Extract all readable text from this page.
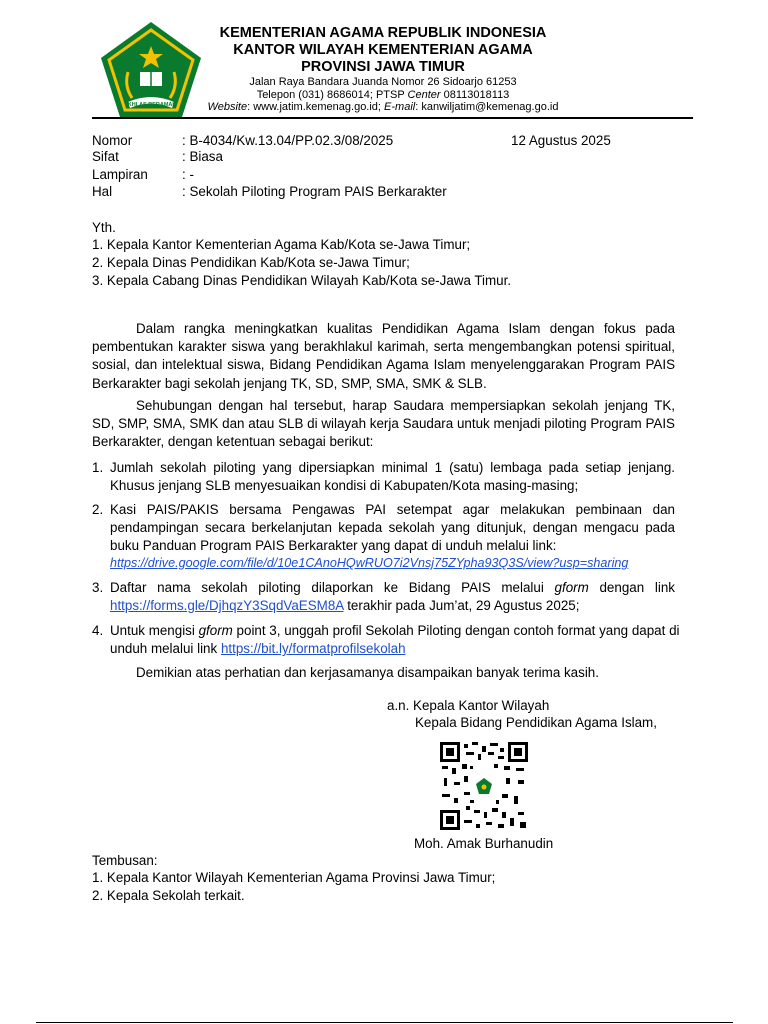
IKHLAS BERAMAL
KEMENTERIAN AGAMA REPUBLIK INDONESIA
KANTOR WILAYAH KEMENTERIAN AGAMA
PROVINSI JAWA TIMUR
Jalan Raya Bandara Juanda Nomor 26 Sidoarjo 61253
Telepon (031) 8686014; PTSP Center 08113018113
Website: www.jatim.kemenag.go.id; E-mail: kanwiljatim@kemenag.go.id
Nomor	: B-4034/Kw.13.04/PP.02.3/08/2025	12 Agustus 2025
Sifat	: Biasa
Lampiran	: -
Hal	: Sekolah Piloting Program PAIS Berkarakter
Yth.
1. Kepala Kantor Kementerian Agama Kab/Kota se-Jawa Timur;
2. Kepala Dinas Pendidikan Kab/Kota se-Jawa Timur;
3. Kepala Cabang Dinas Pendidikan Wilayah Kab/Kota se-Jawa Timur.
Dalam rangka meningkatkan kualitas Pendidikan Agama Islam dengan fokus pada pembentukan karakter siswa yang berakhlakul karimah, serta mengembangkan potensi spiritual, sosial, dan intelektual siswa, Bidang Pendidikan Agama Islam menyelenggarakan Program PAIS Berkarakter bagi sekolah jenjang TK, SD, SMP, SMA, SMK & SLB.
Sehubungan dengan hal tersebut, harap Saudara mempersiapkan sekolah jenjang TK, SD, SMP, SMA, SMK dan atau SLB di wilayah kerja Saudara untuk menjadi piloting Program PAIS Berkarakter, dengan ketentuan sebagai berikut:
1. Jumlah sekolah piloting yang dipersiapkan minimal 1 (satu) lembaga pada setiap jenjang. Khusus jenjang SLB menyesuaikan kondisi di Kabupaten/Kota masing-masing;
2. Kasi PAIS/PAKIS bersama Pengawas PAI setempat agar melakukan pembinaan dan pendampingan secara berkelanjutan kepada sekolah yang ditunjuk, dengan mengacu pada buku Panduan Program PAIS Berkarakter yang dapat di unduh melalui link:
https://drive.google.com/file/d/10e1CAnoHQwRUO7i2Vnsj75ZYpha93Q3S/view?usp=sharing
3. Daftar nama sekolah piloting dilaporkan ke Bidang PAIS melalui gform dengan link
https://forms.gle/DjhqzY3SqdVaESM8A terakhir pada Jum’at, 29 Agustus 2025;
4. Untuk mengisi gform point 3, unggah profil Sekolah Piloting dengan contoh format yang dapat di
unduh melalui link https://bit.ly/formatprofilsekolah
Demikian atas perhatian dan kerjasamanya disampaikan banyak terima kasih.
a.n. Kepala Kantor Wilayah
Kepala Bidang Pendidikan Agama Islam,
Moh. Amak Burhanudin
Tembusan:
1. Kepala Kantor Wilayah Kementerian Agama Provinsi Jawa Timur;
2. Kepala Sekolah terkait.
